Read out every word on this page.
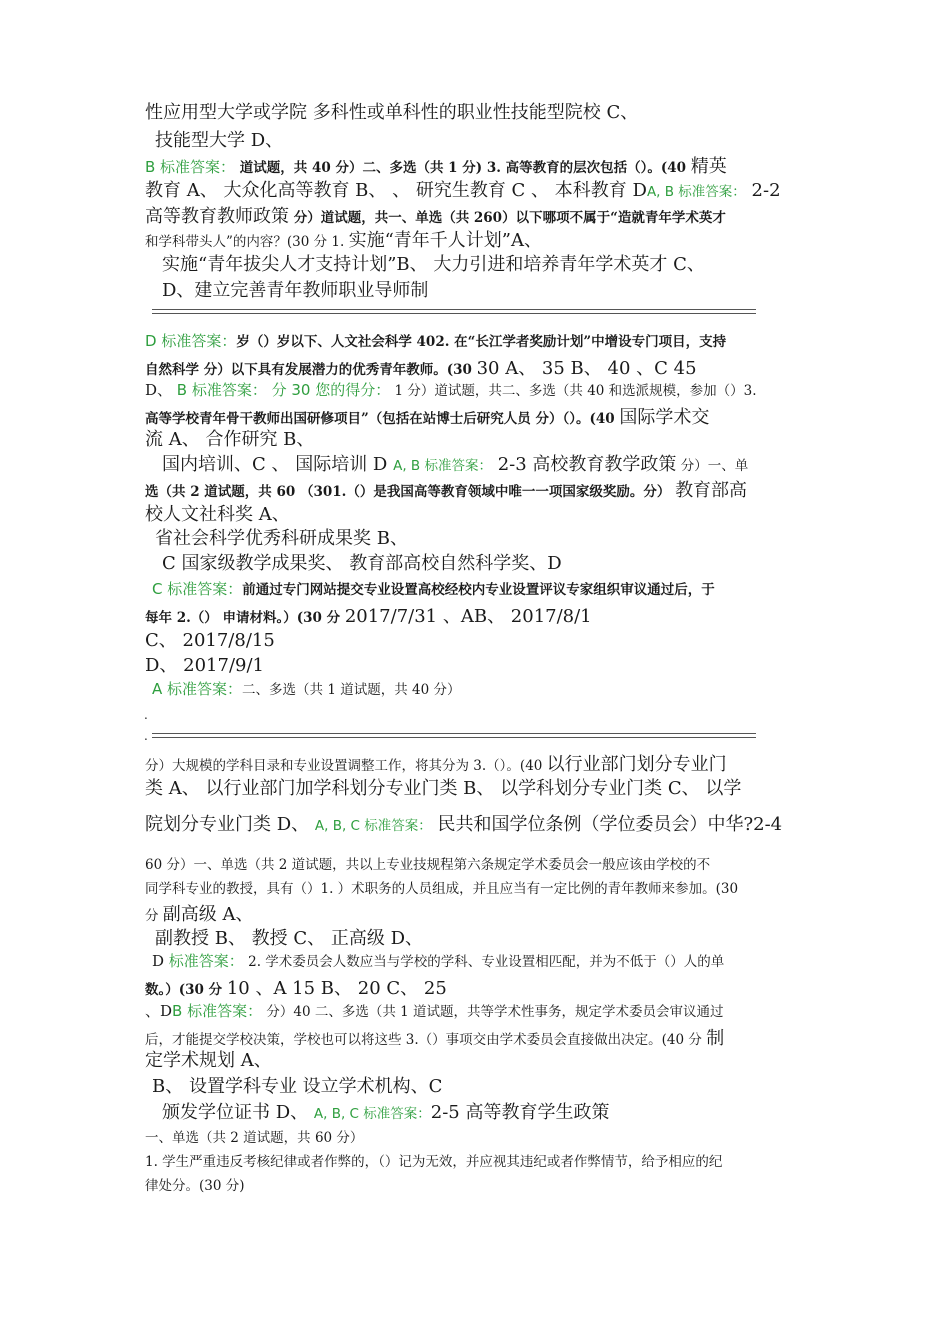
性应用型大学或学院 多科性或单科性的职业性技能型院校 C、
技能型大学 D、
B 标准答案： 道试题，共 40 分）二、多选（共 1 分) 3. 高等教育的层次包括（）。(40 精英
教育 A、 大众化高等教育 B、 、 研究生教育 C 、 本科教育 DA, B 标准答案： 2-2
高等教育教师政策 分）道试题，共一、单选（共 260）以下哪项不属于“造就青年学术英才
和学科带头人”的内容？(30 分 1. 实施“青年千人计划”A、
实施“青年拔尖人才支持计划”B、 大力引进和培养青年学术英才 C、
D、建立完善青年教师职业导师制
D 标准答案：岁（）岁以下、人文社会科学 402. 在“长江学者奖励计划”中增设专门项目，支持
自然科学 分）以下具有发展潜力的优秀青年教师。(30 30 A、 35 B、 40 、C 45
D、 B 标准答案： 分 30 您的得分： 1 分）道试题，共二、多选（共 40 和选派规模，参加（）3.
高等学校青年骨干教师出国研修项目”（包括在站博士后研究人员 分）（）。(40 国际学术交
流 A、 合作研究 B、
国内培训、C 、 国际培训 D A, B 标准答案： 2-3 高校教育教学政策 分）一、单
选（共 2 道试题，共 60 （301.（）是我国高等教育领域中唯一一项国家级奖励。分） 教育部高
校人文社科奖 A、
省社会科学优秀科研成果奖 B、
C 国家级教学成果奖、 教育部高校自然科学奖、D
C 标准答案：前通过专门网站提交专业设置高校经校内专业设置评议专家组织审议通过后，于
每年 2.（） 申请材料。）(30 分 2017/7/31 、AB、 2017/8/1
C、 2017/8/15
D、 2017/9/1
A 标准答案：二、多选（共 1 道试题，共 40 分）
.
.
分）大规模的学科目录和专业设置调整工作，将其分为 3.（）。(40 以行业部门划分专业门
类 A、 以行业部门加学科划分专业门类 B、 以学科划分专业门类 C、 以学
院划分专业门类 D、 A, B, C 标准答案： 民共和国学位条例（学位委员会）中华?2-4
60 分）一、单选（共 2 道试题，共以上专业技规程第六条规定学术委员会一般应该由学校的不
同学科专业的教授，具有（）1. ）术职务的人员组成，并且应当有一定比例的青年教师来参加。(30
分 副高级 A、
副教授 B、 教授 C、 正高级 D、
D 标准答案： 2. 学术委员会人数应当与学校的学科、专业设置相匹配，并为不低于（）人的单
数。）(30 分 10 、A 15 B、 20 C、 25
、DB 标准答案： 分）40 二、多选（共 1 道试题，共等学术性事务，规定学术委员会审议通过
后，才能提交学校决策，学校也可以将这些 3.（）事项交由学术委员会直接做出决定。(40 分 制
定学术规划 A、
B、 设置学科专业 设立学术机构、C
颁发学位证书 D、 A, B, C 标准答案：2-5 高等教育学生政策
一、单选（共 2 道试题，共 60 分）
1. 学生严重违反考核纪律或者作弊的，（）记为无效，并应视其违纪或者作弊情节，给予相应的纪
律处分。(30 分)
